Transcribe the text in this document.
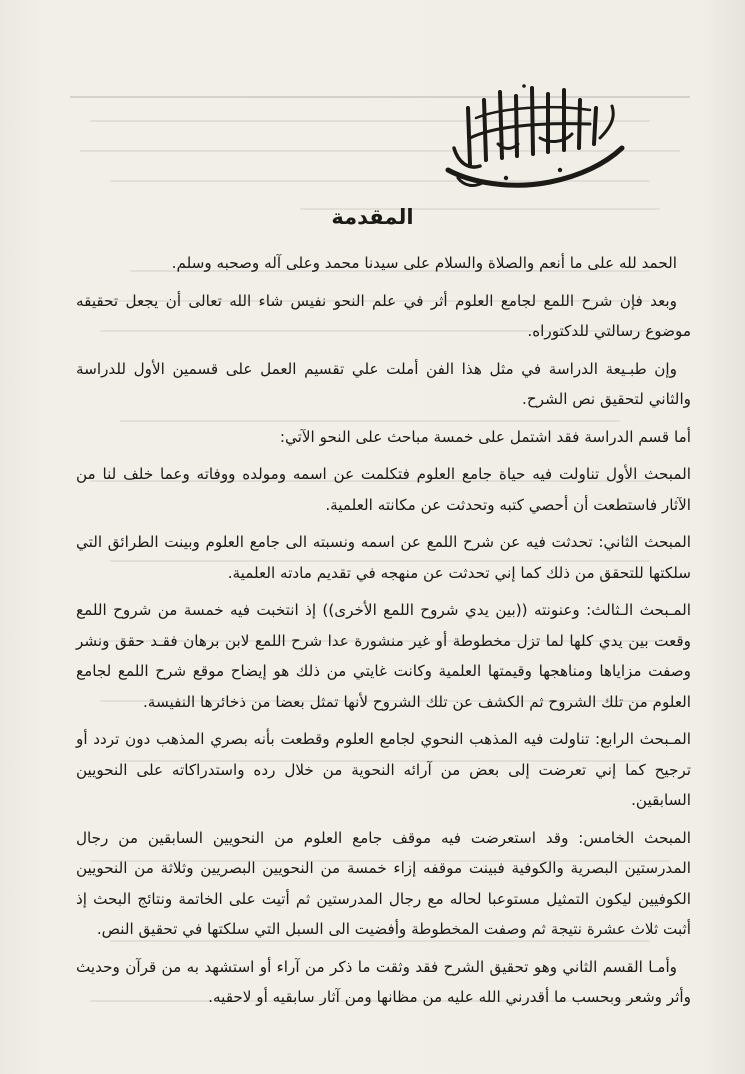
بسم الله الرحمن الرحيم
المقدمة

الحمد لله على ما أنعم والصلاة والسلام على سيدنا محمد وعلى آله وصحبه وسلم.

وبعد فإن شرح اللمع لجامع العلوم أثر في علم النحو نفيس شاء الله تعالى أن يجعل تحقيقه موضوع رسالتي للدكتوراه.

وإن طبـيعة الدراسة في مثل هذا الفن أملت علي تقسيم العمل على قسمين الأول للدراسة والثاني لتحقيق نص الشرح.

أما قسم الدراسة فقد اشتمل على خمسة مباحث على النحو الآتي:

المبحث الأول تناولت فيه حياة جامع العلوم فتكلمت عن اسمه ومولده ووفاته وعما خلف لنا من الآثار فاستطعت أن أحصي كتبه وتحدثت عن مكانته العلمية.

المبحث الثاني: تحدثت فيه عن شرح اللمع عن اسمه ونسبته الى جامع العلوم وبينت الطرائق التي سلكتها للتحقق من ذلك كما إني تحدثت عن منهجه في تقديم مادته العلمية.

المـبحث الـثالث: وعنونته ((بين يدي شروح اللمع الأخرى)) إذ انتخبت فيه خمسة من شروح اللمع وقعت بين يدي كلها لما تزل مخطوطة أو غير منشورة عدا شرح اللمع لابن برهان فقـد حقق ونشر وصفت مزاياها ومناهجها وقيمتها العلمية وكانت غايتي من ذلك هو إيضاح موقع شرح اللمع لجامع العلوم من تلك الشروح ثم الكشف عن تلك الشروح لأنها تمثل بعضا من ذخائرها النفيسة.

المـبحث الرابع: تناولت فيه المذهب النحوي لجامع العلوم وقطعت بأنه بصري المذهب دون تردد أو ترجيح كما إني تعرضت إلى بعض من آرائه النحوية من خلال رده واستدراكاته على النحويين السابقين.

المبحث الخامس: وقد استعرضت فيه موقف جامع العلوم من النحويين السابقين من رجال المدرستين البصرية والكوفية فبينت موقفه إزاء خمسة من النحويين البصريين وثلاثة من النحويين الكوفيين ليكون التمثيل مستوعبا لحاله مع رجال المدرستين ثم أتيت على الخاتمة ونتائج البحث إذ أثبت ثلاث عشرة نتيجة ثم وصفت المخطوطة وأفضيت الى السبل التي سلكتها في تحقيق النص.

وأمـا القسم الثاني وهو تحقيق الشرح فقد وثقت ما ذكر من آراء أو استشهد به من قرآن وحديث وأثر وشعر وبحسب ما أقدرني الله عليه من مظانها ومن آثار سابقيه أو لاحقيه.
